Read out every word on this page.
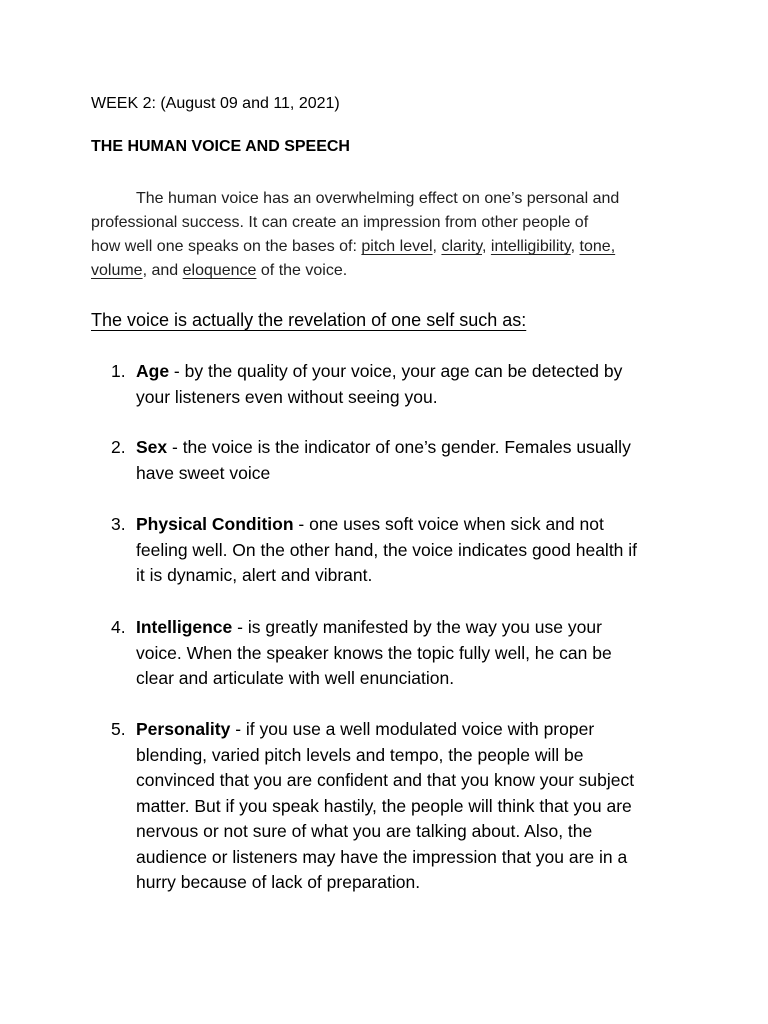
WEEK 2: (August 09 and 11, 2021)
THE HUMAN VOICE AND SPEECH
The human voice has an overwhelming effect on one’s personal and
professional success. It can create an impression from other people of
how well one speaks on the bases of: pitch level, clarity, intelligibility, tone,
volume, and eloquence of the voice.
The voice is actually the revelation of one self such as:
1. Age - by the quality of your voice, your age can be detected by
your listeners even without seeing you.
2. Sex - the voice is the indicator of one’s gender. Females usually
have sweet voice
3. Physical Condition - one uses soft voice when sick and not
feeling well. On the other hand, the voice indicates good health if
it is dynamic, alert and vibrant.
4. Intelligence - is greatly manifested by the way you use your
voice. When the speaker knows the topic fully well, he can be
clear and articulate with well enunciation.
5. Personality - if you use a well modulated voice with proper
blending, varied pitch levels and tempo, the people will be
convinced that you are confident and that you know your subject
matter. But if you speak hastily, the people will think that you are
nervous or not sure of what you are talking about. Also, the
audience or listeners may have the impression that you are in a
hurry because of lack of preparation.
